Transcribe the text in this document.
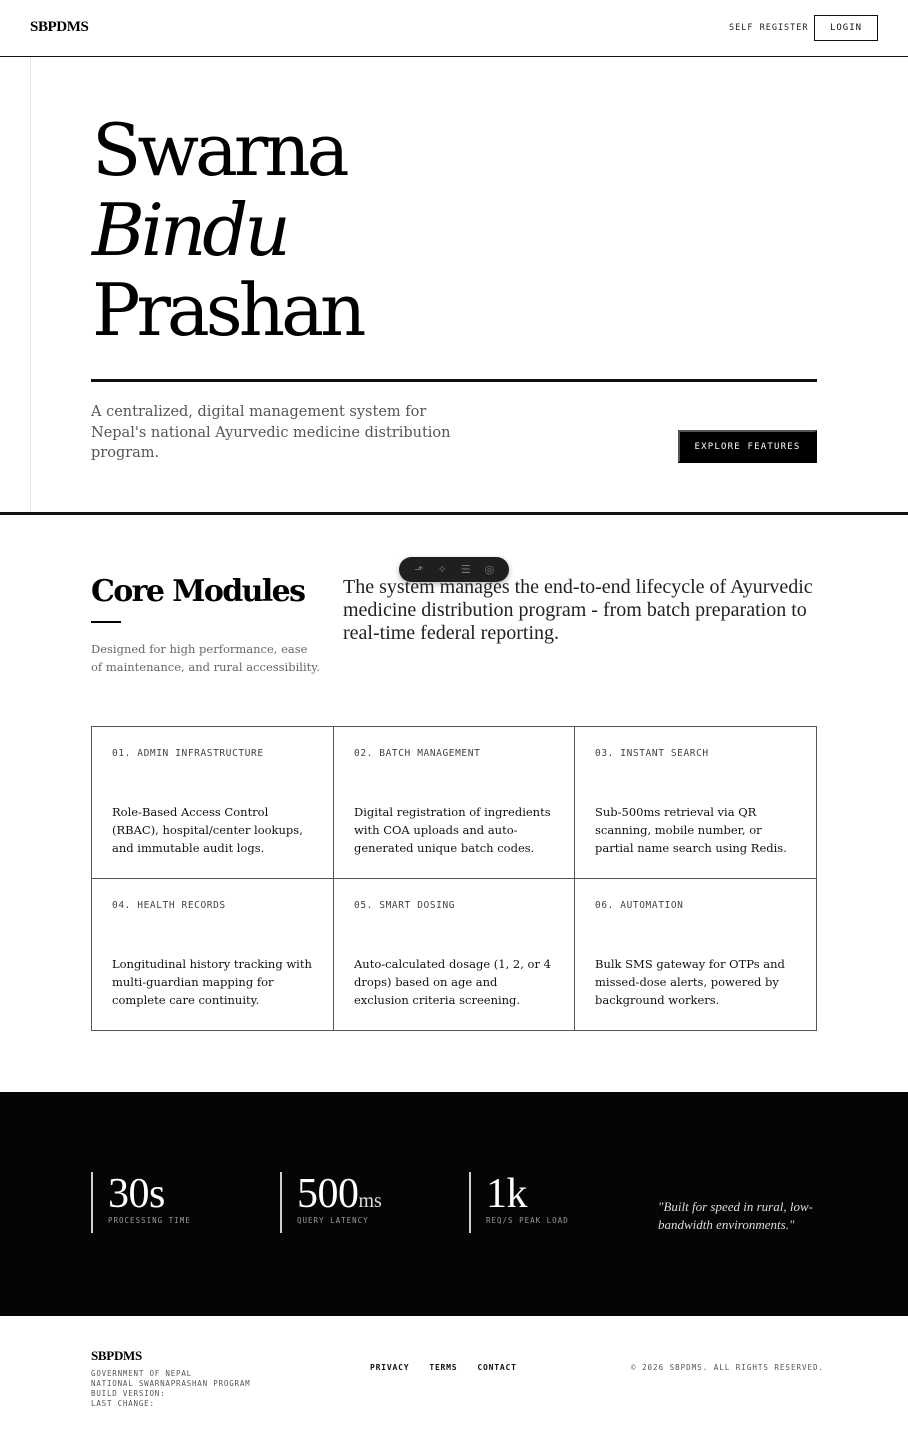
SBPDMS	SELF REGISTER	LOGIN
Swarna
Bindu
Prashan

A centralized, digital management system for Nepal's national Ayurvedic medicine distribution program.	EXPLORE FEATURES
⬏	✧	☰ ◎
Core Modules

Designed for high performance, ease of maintenance, and rural accessibility.

The system manages the end-to-end lifecycle of Ayurvedic medicine distribution program - from batch preparation to real-time federal reporting.

01. ADMIN INFRASTRUCTURE
Role-Based Access Control (RBAC), hospital/center lookups, and immutable audit logs.
02. BATCH MANAGEMENT
Digital registration of ingredients with COA uploads and auto-generated unique batch codes.
03. INSTANT SEARCH
Sub-500ms retrieval via QR scanning, mobile number, or partial name search using Redis.
04. HEALTH RECORDS
Longitudinal history tracking with multi-guardian mapping for complete care continuity.
05. SMART DOSING
Auto-calculated dosage (1, 2, or 4 drops) based on age and exclusion criteria screening.
06. AUTOMATION
Bulk SMS gateway for OTPs and missed-dose alerts, powered by background workers.
30s
PROCESSING TIME
500ms
QUERY LATENCY
1k
REQ/S PEAK LOAD

"Built for speed in rural, low-bandwidth environments."

SBPDMS
GOVERNMENT OF NEPAL
NATIONAL SWARNAPRASHAN PROGRAM
BUILD VERSION:
LAST CHANGE:
PRIVACY	TERMS	CONTACT	© 2026 SBPDMS. ALL RIGHTS RESERVED.
